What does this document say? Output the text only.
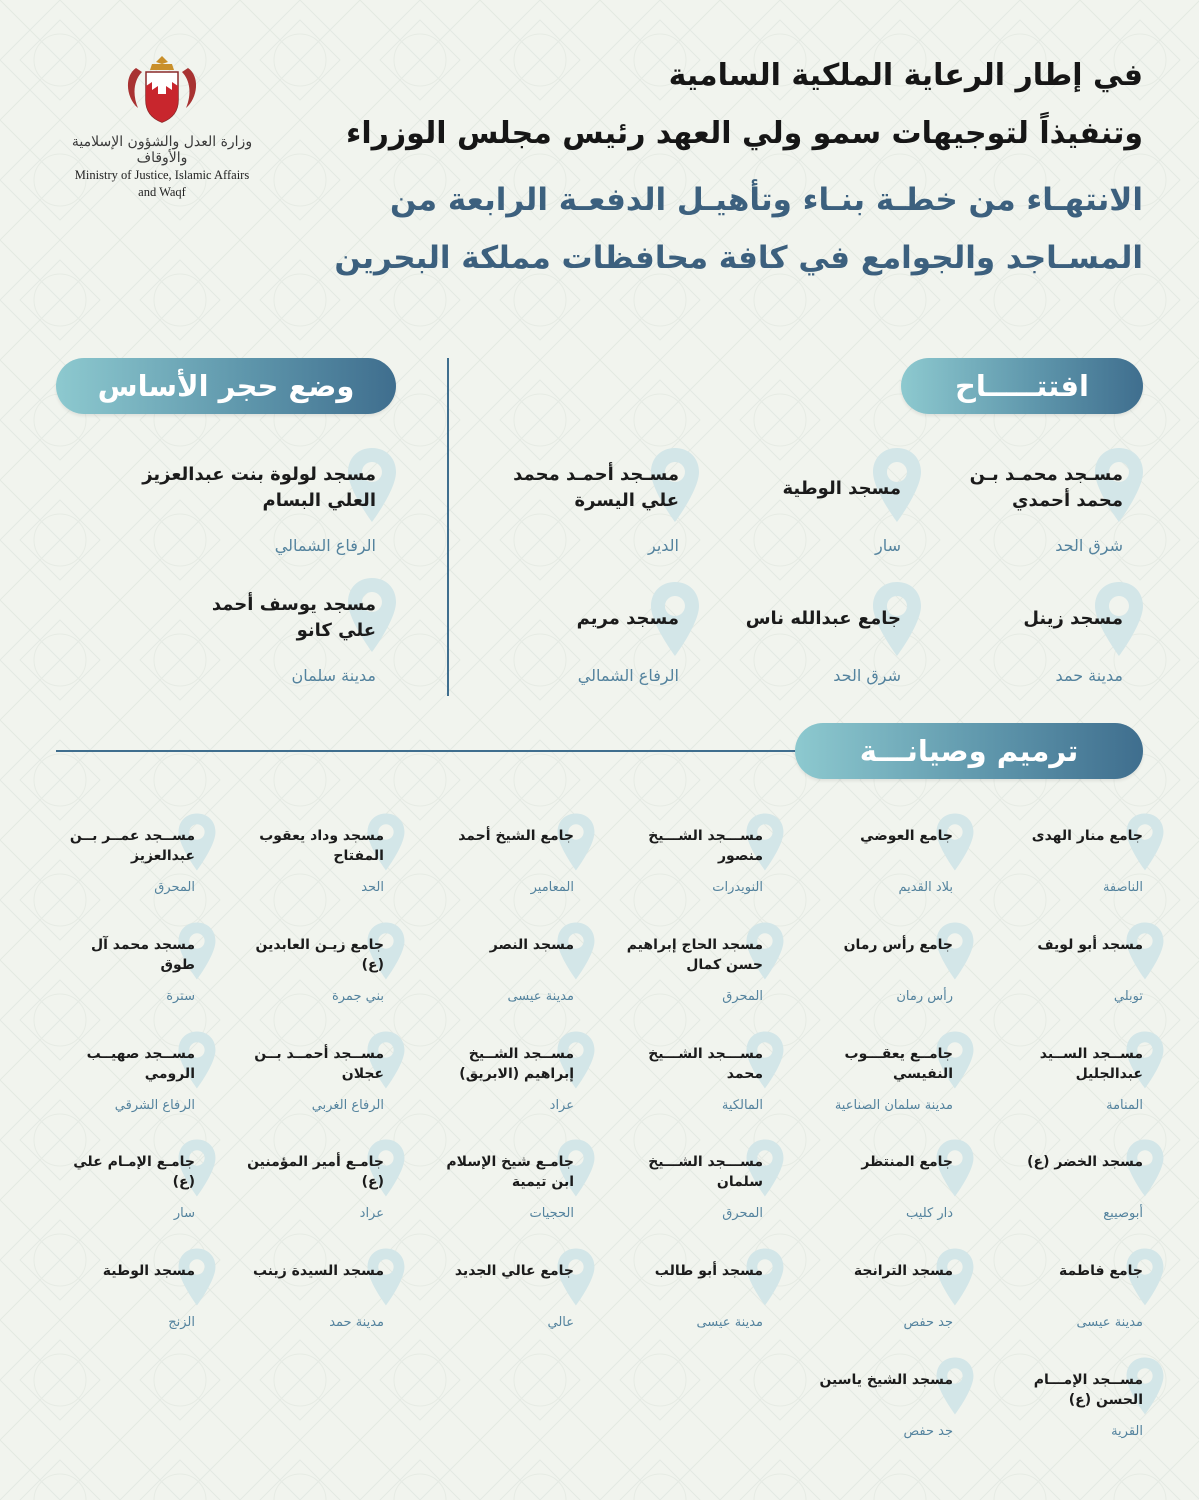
وزارة العدل والشؤون الإسلامية والأوقاف
Ministry of Justice, Islamic Affairs
and Waqf
في إطار الرعاية الملكية السامية
وتنفيذاً لتوجيهات سمو ولي العهد رئيس مجلس الوزراء
الانتهـاء من خطـة بنـاء وتأهيـل الدفعـة الرابعة من
المسـاجد والجوامع في كافة محافظات مملكة البحرين
افتتـــــاح
وضع حجر الأساس
ترميم وصيانـــة
مسـجد محمـد بـن محمد أحمدي
شرق الحد
مسجد الوطية
سار
مسـجد أحمـد محمد علي اليسرة
الدير
مسجد زينل
مدينة حمد
جامع عبدالله ناس
شرق الحد
مسجد مريم
الرفاع الشمالي
مسجد لولوة بنت عبدالعزيز العلي البسام
الرفاع الشمالي
مسجد يوسف أحمد علي كانو
مدينة سلمان
جامع منار الهدى
الناصفة
جامع العوضي
بلاد القديم
مســـجد الشـــيخ منصور
النويدرات
جامع الشيخ أحمد
المعامير
مسجد وداد يعقوب المفتاح
الحد
مســجد عمــر بــن عبدالعزيز
المحرق
مسجد أبو لويف
توبلي
جامع رأس رمان
رأس رمان
مسجد الحاج إبراهيم حسن كمال
المحرق
مسجد النصر
مدينة عيسى
جامع زيـن العابدين (ع)
بني جمرة
مسجد محمد آل طوق
سترة
مســجد الســيد عبدالجليل
المنامة
جامــع يعقـــوب النفيسي
مدينة سلمان الصناعية
مســـجد الشـــيخ محمد
المالكية
مســجد الشــيخ إبراهيم (الابريق)
عراد
مســجد أحمــد بــن عجلان
الرفاع الغربي
مســجد صهيــب الرومي
الرفاع الشرقي
مسجد الخضر (ع)
أبوصيبع
جامع المنتظر
دار كليب
مســـجد الشـــيخ سلمان
المحرق
جامـع شيخ الإسلام ابن تيمية
الحجيات
جامـع أمير المؤمنين (ع)
عراد
جامـع الإمـام علي (ع)
سار
جامع فاطمة
مدينة عيسى
مسجد الترانجة
جد حفص
مسجد أبو طالب
مدينة عيسى
جامع عالي الجديد
عالي
مسجد السيدة زينب
مدينة حمد
مسجد الوطية
الزنج
مســجد الإمـــام الحسن (ع)
القرية
مسجد الشيخ ياسين
جد حفص
